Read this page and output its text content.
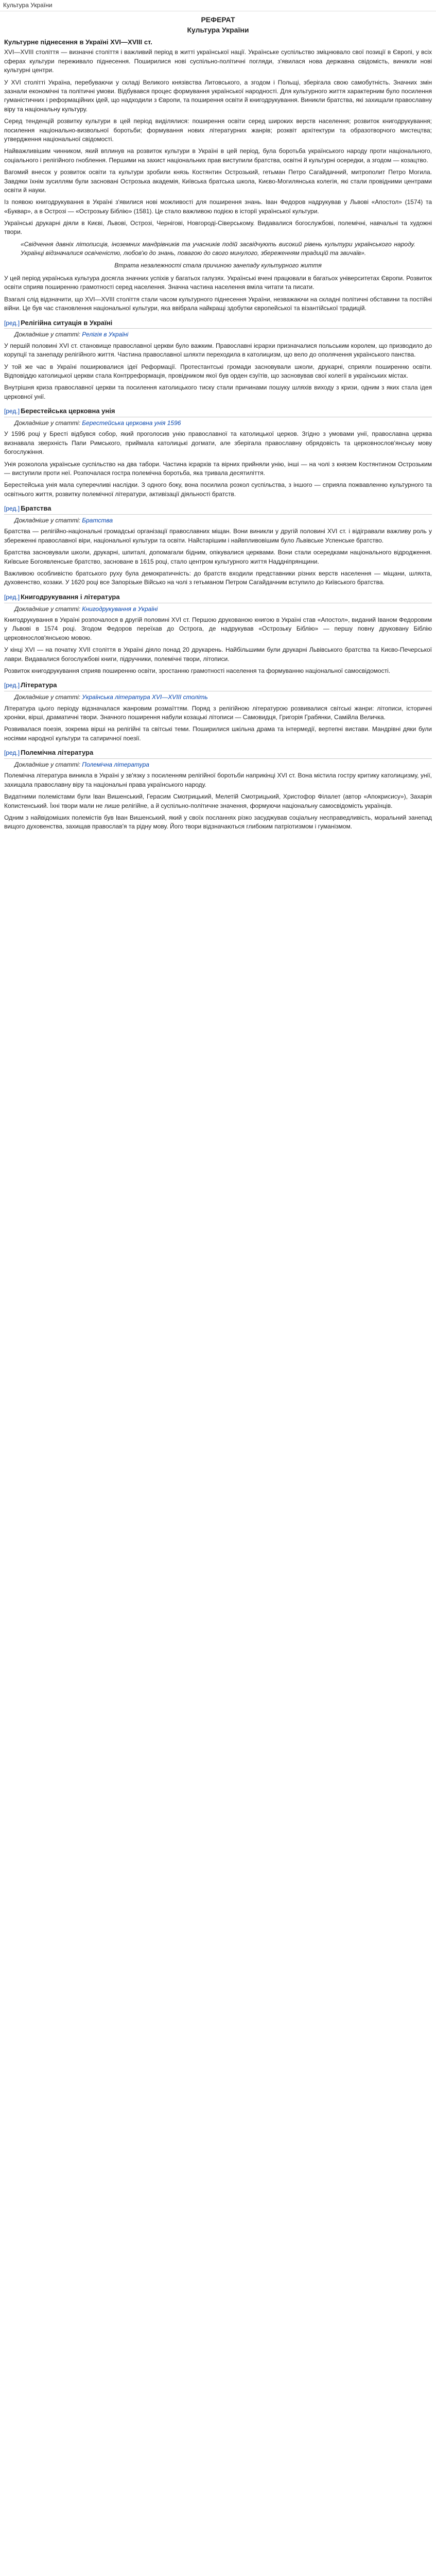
Культура України
РЕФЕРАТ
Культура України
Культурне піднесення в Україні XVI—XVIII ст.

XVI—XVIII століття — визначні століття і важливий період в житті української нації. Українське суспільство зміцнювало свої позиції в Європі, у всіх сферах культури переживало піднесення. Поширилися нові суспільно-політичні погляди, з'явилася нова державна свідомість, виникли нові культурні центри.

У XVI столітті Україна, перебуваючи у складі Великого князівства Литовського, а згодом і Польщі, зберігала свою самобутність. Значних змін зазнали економічні та політичні умови. Відбувався процес формування української народності. Для культурного життя характерним було посилення гуманістичних і реформаційних ідей, що надходили з Європи, та поширення освіти й книгодрукування. Виникли братства, які захищали православну віру та національну культуру.

Серед тенденцій розвитку культури в цей період виділялися: поширення освіти серед широких верств населення; розвиток книгодрукування; посилення національно-визвольної боротьби; формування нових літературних жанрів; розквіт архітектури та образотворчого мистецтва; утвердження національної свідомості.

Найважливішим чинником, який вплинув на розвиток культури в Україні в цей період, була боротьба українського народу проти національного, соціального і релігійного гноблення. Першими на захист національних прав виступили братства, освітні й культурні осередки, а згодом — козацтво.

Вагомий внесок у розвиток освіти та культури зробили князь Костянтин Острозький, гетьман Петро Сагайдачний, митрополит Петро Могила. Завдяки їхнім зусиллям були засновані Острозька академія, Київська братська школа, Києво-Могилянська колегія, які стали провідними центрами освіти й науки.

Із появою книгодрукування в Україні з'явилися нові можливості для поширення знань. Іван Федоров надрукував у Львові «Апостол» (1574) та «Буквар», а в Острозі — «Острозьку Біблію» (1581). Це стало важливою подією в історії української культури.

Українські друкарні діяли в Києві, Львові, Острозі, Чернігові, Новгороді-Сіверському. Видавалися богослужбові, полемічні, навчальні та художні твори.

«Свідчення давніх літописців, іноземних мандрівників та учасників подій засвідчують високий рівень культури українського народу. Українці відзначалися освіченістю, любов'ю до знань, повагою до свого минулого, збереженням традицій та звичаїв».
Втрата незалежності стала причиною занепаду культурного життя

У цей період українська культура досягла значних успіхів у багатьох галузях. Українські вчені працювали в багатьох університетах Європи. Розвиток освіти сприяв поширенню грамотності серед населення. Значна частина населення вміла читати та писати.

Взагалі слід відзначити, що XVI—XVIII століття стали часом культурного піднесення України, незважаючи на складні політичні обставини та постійні війни. Це був час становлення національної культури, яка ввібрала найкращі здобутки європейської та візантійської традицій.

[ред.] Релігійна ситуація в Україні
Докладніше у статті: Релігія в Україні

У першій половині XVI ст. становище православної церкви було важким. Православні ієрархи призначалися польським королем, що призводило до корупції та занепаду релігійного життя. Частина православної шляхти переходила в католицизм, що вело до ополячення українського панства.

У той же час в Україні поширювалися ідеї Реформації. Протестантські громади засновували школи, друкарні, сприяли поширенню освіти. Відповіддю католицької церкви стала Контрреформація, провідником якої був орден єзуїтів, що засновував свої колегії в українських містах.

Внутрішня криза православної церкви та посилення католицького тиску стали причинами пошуку шляхів виходу з кризи, одним з яких стала ідея церковної унії.

[ред.] Берестейська церковна унія
Докладніше у статті: Берестейська церковна унія 1596

У 1596 році у Бресті відбувся собор, який проголосив унію православної та католицької церков. Згідно з умовами унії, православна церква визнавала зверхність Папи Римського, приймала католицькі догмати, але зберігала православну обрядовість та церковнослов'янську мову богослужіння.

Унія розколола українське суспільство на два табори. Частина ієрархів та вірних прийняли унію, інші — на чолі з князем Костянтином Острозьким — виступили проти неї. Розпочалася гостра полемічна боротьба, яка тривала десятиліття.

Берестейська унія мала суперечливі наслідки. З одного боку, вона посилила розкол суспільства, з іншого — сприяла пожвавленню культурного та освітнього життя, розвитку полемічної літератури, активізації діяльності братств.

[ред.] Братства
Докладніше у статті: Братства

Братства — релігійно-національні громадські організації православних міщан. Вони виникли у другій половині XVI ст. і відігравали важливу роль у збереженні православної віри, національної культури та освіти. Найстарішим і найвпливовішим було Львівське Успенське братство.

Братства засновували школи, друкарні, шпиталі, допомагали бідним, опікувалися церквами. Вони стали осередками національного відродження. Київське Богоявленське братство, засноване в 1615 році, стало центром культурного життя Наддніпрянщини.

Важливою особливістю братського руху була демократичність: до братств входили представники різних верств населення — міщани, шляхта, духовенство, козаки. У 1620 році все Запорізьке Військо на чолі з гетьманом Петром Сагайдачним вступило до Київського братства.

[ред.] Книгодрукування і література
Докладніше у статті: Книгодрукування в Україні

Книгодрукування в Україні розпочалося в другій половині XVI ст. Першою друкованою книгою в Україні став «Апостол», виданий Іваном Федоровим у Львові в 1574 році. Згодом Федоров переїхав до Острога, де надрукував «Острозьку Біблію» — першу повну друковану Біблію церковнослов'янською мовою.

У кінці XVI — на початку XVII століття в Україні діяло понад 20 друкарень. Найбільшими були друкарні Львівського братства та Києво-Печерської лаври. Видавалися богослужбові книги, підручники, полемічні твори, літописи.

Розвиток книгодрукування сприяв поширенню освіти, зростанню грамотності населення та формуванню національної самосвідомості.

[ред.] Література
Докладніше у статті: Українська література XVI—XVIII століть

Література цього періоду відзначалася жанровим розмаїттям. Поряд з релігійною літературою розвивалися світські жанри: літописи, історичні хроніки, вірші, драматичні твори. Значного поширення набули козацькі літописи — Самовидця, Григорія Грабянки, Самійла Величка.

Розвивалася поезія, зокрема вірші на релігійні та світські теми. Поширилися шкільна драма та інтермедії, вертепні вистави. Мандрівні дяки були носіями народної культури та сатиричної поезії.

[ред.] Полемічна література
Докладніше у статті: Полемічна література

Полемічна література виникла в Україні у зв'язку з посиленням релігійної боротьби наприкінці XVI ст. Вона містила гостру критику католицизму, унії, захищала православну віру та національні права українського народу.

Видатними полемістами були Іван Вишенський, Герасим Смотрицький, Мелетій Смотрицький, Христофор Філалет (автор «Апокрисису»), Захарія Копистенський. Їхні твори мали не лише релігійне, а й суспільно-політичне значення, формуючи національну самосвідомість українців.

Одним з найвідоміших полемістів був Іван Вишенський, який у своїх посланнях різко засуджував соціальну несправедливість, моральний занепад вищого духовенства, захищав православ'я та рідну мову. Його твори відзначаються глибоким патріотизмом і гуманізмом.
